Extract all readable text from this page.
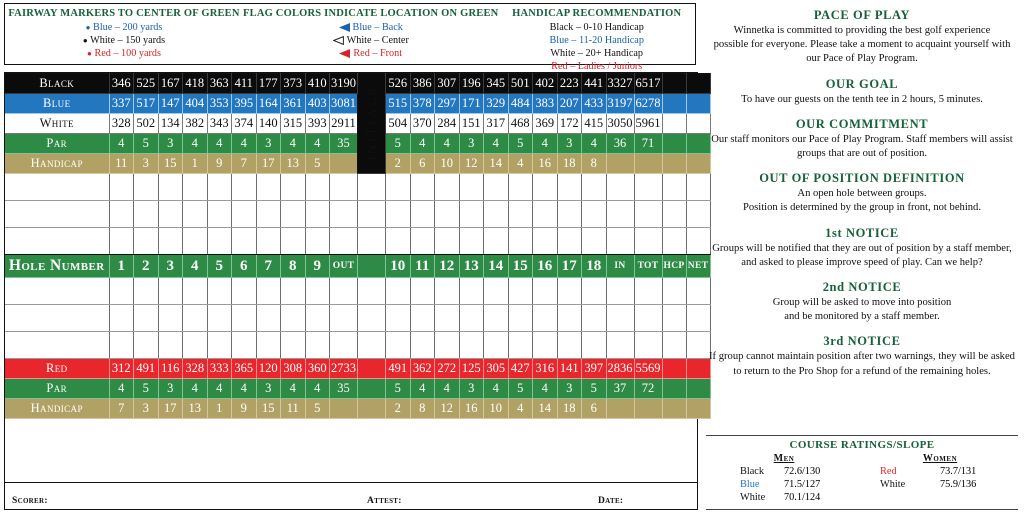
FAIRWAY MARKERS TO CENTER OF GREEN
● Blue – 200 yards
● White – 150 yards
● Red – 100 yards
FLAG COLORS INDICATE LOCATION ON GREEN
Blue – Back
White – Center
Red – Front
HANDICAP RECOMMENDATION
Black – 0-10 Handicap
Blue – 11-20 Handicap
White – 20+ Handicap
Red – Ladies / Juniors
Black	346	525	167	418	363	411	177	373	410	3190	INITIALS	526	386	307	196	345	501	402	223	441	3327	6517		
Blue	337	517	147	404	353	395	164	361	403	3081		515	378	297	171	329	484	383	207	433	3197	6278		
White	328	502	134	382	343	374	140	315	393	2911		504	370	284	151	317	468	369	172	415	3050	5961		
Par	4	5	3	4	4	4	3	4	4	35		5	4	4	3	4	5	4	3	4	36	71		
Handicap	11	3	15	1	9	7	17	13	5			2	6	10	12	14	4	16	18	8				

Hole Number	1	2	3	4	5	6	7	8	9	OUT		10	11	12	13	14	15	16	17	18	IN	TOT	HCP	NET

Red	312	491	116	328	333	365	120	308	360	2733		491	362	272	125	305	427	316	141	397	2836	5569		
Par	4	5	3	4	4	4	3	4	4	35		5	4	4	3	4	5	4	3	5	37	72		
Handicap	7	3	17	13	1	9	15	11	5			2	8	12	16	10	4	14	18	6				
Scorer:	Attest:	Date:
PACE OF PLAY

Winnetka is committed to providing the best golf experience

possible for everyone. Please take a moment to acquaint yourself with

our Pace of Play Program.

OUR GOAL

To have our guests on the tenth tee in 2 hours, 5 minutes.

OUR COMMITMENT

Our staff monitors our Pace of Play Program. Staff members will assist

groups that are out of position.

OUT OF POSITION DEFINITION

An open hole between groups.

Position is determined by the group in front, not behind.

1st NOTICE

Groups will be notified that they are out of position by a staff member,

and asked to please improve speed of play. Can we help?

2nd NOTICE

Group will be asked to move into position

and be monitored by a staff member.

3rd NOTICE

If group cannot maintain position after two warnings, they will be asked

to return to the Pro Shop for a refund of the remaining holes.

COURSE RATINGS/SLOPE
Men
Black	72.6/130
Blue	71.5/127
White	70.1/124
Women
Red	73.7/131
White	75.9/136
